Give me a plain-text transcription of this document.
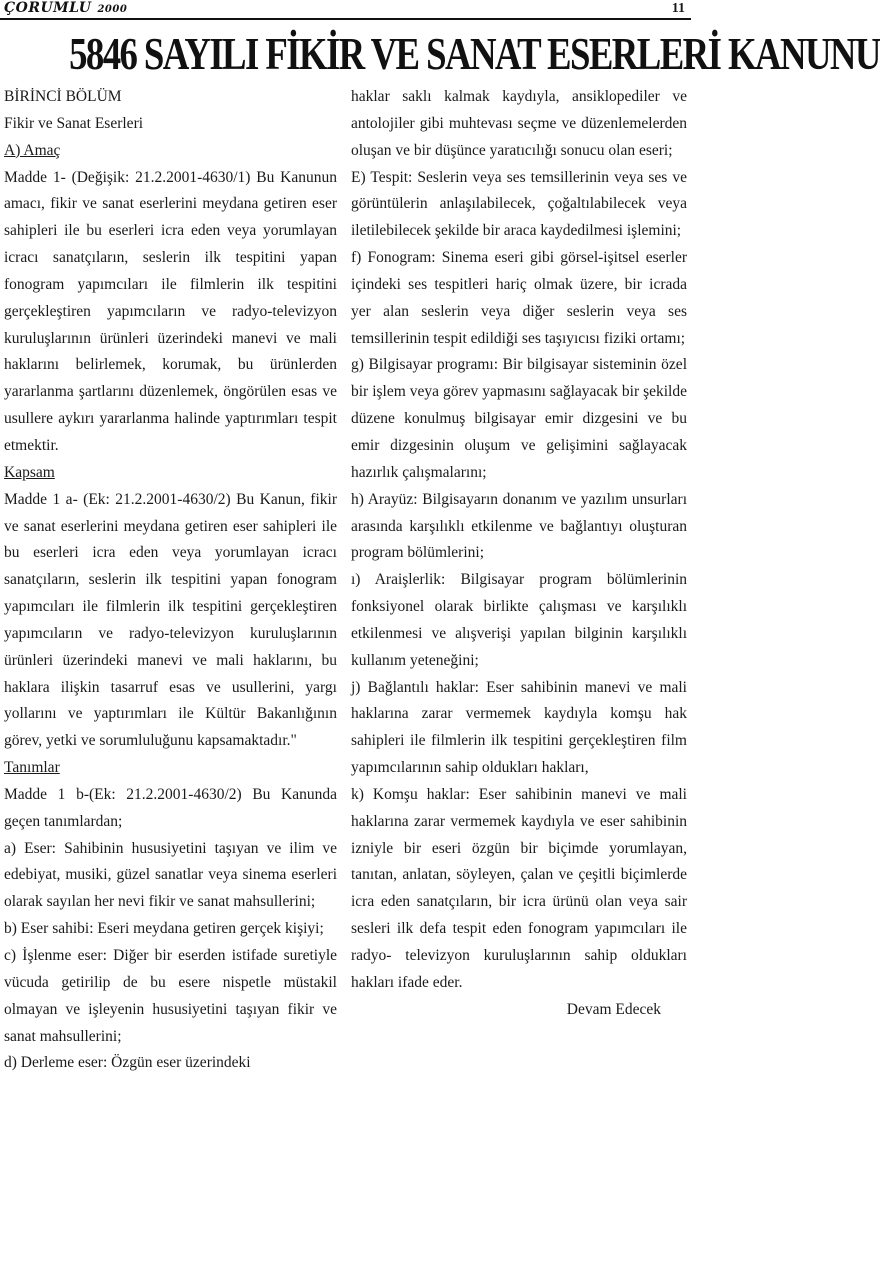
ÇORUMLU 2000	11
5846 SAYILI FİKİR VE SANAT ESERLERİ KANUNU

BİRİNCİ BÖLÜM

Fikir ve Sanat Eserleri

A) Amaç

Madde 1- (Değişik: 21.2.2001-4630/1) Bu Kanunun amacı, fikir ve sanat eserlerini meydana getiren eser sahipleri ile bu eserleri icra eden veya yorumlayan icracı sanatçıların, seslerin ilk tespitini yapan fonogram yapımcıları ile filmlerin ilk tespitini gerçekleştiren yapımcıların ve radyo-televizyon kuruluşlarının ürünleri üzerindeki manevi ve mali haklarını belirlemek, korumak, bu ürünlerden yararlanma şartlarını düzenlemek, öngörülen esas ve usullere aykırı yararlanma halinde yaptırımları tespit etmektir.

Kapsam

Madde 1 a- (Ek: 21.2.2001-4630/2) Bu Kanun, fikir ve sanat eserlerini meydana getiren eser sahipleri ile bu eserleri icra eden veya yorumlayan icracı sanatçıların, seslerin ilk tespitini yapan fonogram yapımcıları ile filmlerin ilk tespitini gerçekleştiren yapımcıların ve radyo-televizyon kuruluşlarının ürünleri üzerindeki manevi ve mali haklarını, bu haklara ilişkin tasarruf esas ve usullerini, yargı yollarını ve yaptırımları ile Kültür Bakanlığının görev, yetki ve sorumluluğunu kapsamaktadır."

Tanımlar

Madde 1 b-(Ek: 21.2.2001-4630/2) Bu Kanunda geçen tanımlardan;

a) Eser: Sahibinin hususiyetini taşıyan ve ilim ve edebiyat, musiki, güzel sanatlar veya sinema eserleri olarak sayılan her nevi fikir ve sanat mahsullerini;

b) Eser sahibi: Eseri meydana getiren gerçek kişiyi;

c) İşlenme eser: Diğer bir eserden istifade suretiyle vücuda getirilip de bu esere nispetle müstakil olmayan ve işleyenin hususiyetini taşıyan fikir ve sanat mahsullerini;

d) Derleme eser: Özgün eser üzerindeki

haklar saklı kalmak kaydıyla, ansiklopediler ve antolojiler gibi muhtevası seçme ve düzenlemelerden oluşan ve bir düşünce yaratıcılığı sonucu olan eseri;

E) Tespit: Seslerin veya ses temsillerinin veya ses ve görüntülerin anlaşılabilecek, çoğaltılabilecek veya iletilebilecek şekilde bir araca kaydedilmesi işlemini;

f) Fonogram: Sinema eseri gibi görsel-işitsel eserler içindeki ses tespitleri hariç olmak üzere, bir icrada yer alan seslerin veya diğer seslerin veya ses temsillerinin tespit edildiği ses taşıyıcısı fiziki ortamı;

g) Bilgisayar programı: Bir bilgisayar sisteminin özel bir işlem veya görev yapmasını sağlayacak bir şekilde düzene konulmuş bilgisayar emir dizgesini ve bu emir dizgesinin oluşum ve gelişimini sağlayacak hazırlık çalışmalarını;

h) Arayüz: Bilgisayarın donanım ve yazılım unsurları arasında karşılıklı etkilenme ve bağlantıyı oluşturan program bölümlerini;

ı) Araişlerlik: Bilgisayar program bölümlerinin fonksiyonel olarak birlikte çalışması ve karşılıklı etkilenmesi ve alışverişi yapılan bilginin karşılıklı kullanım yeteneğini;

j) Bağlantılı haklar: Eser sahibinin manevi ve mali haklarına zarar vermemek kaydıyla komşu hak sahipleri ile filmlerin ilk tespitini gerçekleştiren film yapımcılarının sahip oldukları hakları,

k) Komşu haklar: Eser sahibinin manevi ve mali haklarına zarar vermemek kaydıyla ve eser sahibinin izniyle bir eseri özgün bir biçimde yorumlayan, tanıtan, anlatan, söyleyen, çalan ve çeşitli biçimlerde icra eden sanatçıların, bir icra ürünü olan veya sair sesleri ilk defa tespit eden fonogram yapımcıları ile radyo- televizyon kuruluşlarının sahip oldukları hakları ifade eder.

Devam Edecek
